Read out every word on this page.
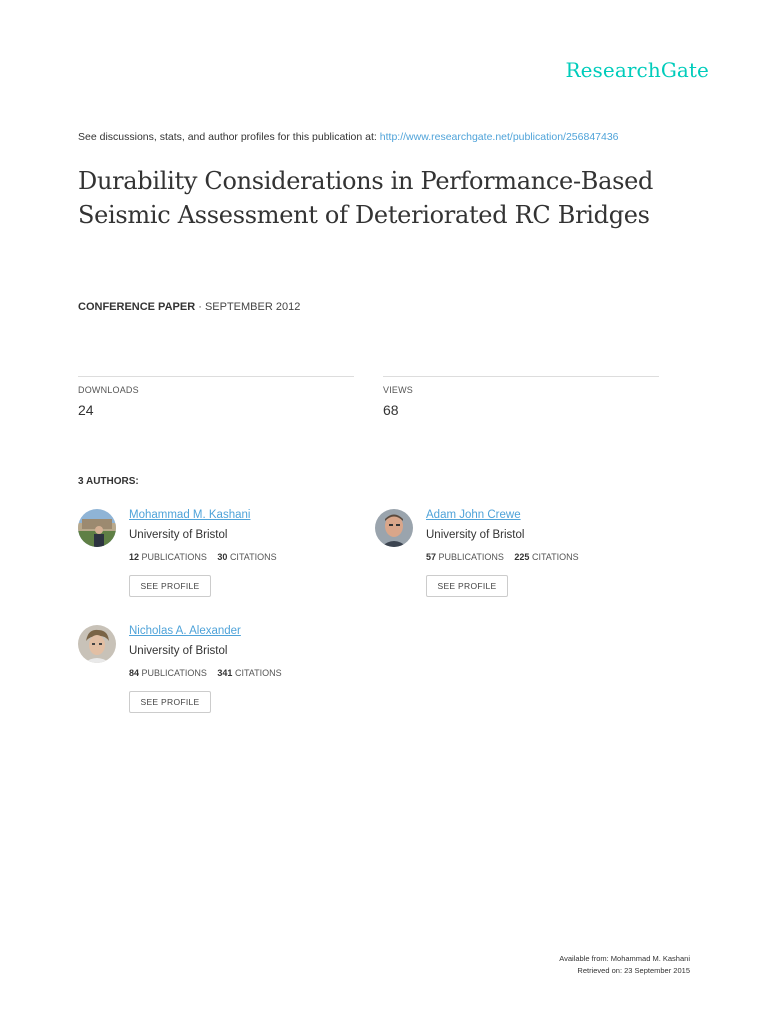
ResearchGate
See discussions, stats, and author profiles for this publication at: http://www.researchgate.net/publication/256847436
Durability Considerations in Performance-Based Seismic Assessment of Deteriorated RC Bridges
CONFERENCE PAPER · SEPTEMBER 2012
DOWNLOADS
24
VIEWS
68
3 AUTHORS:
Mohammad M. Kashani
University of Bristol
12 PUBLICATIONS 30 CITATIONS
SEE PROFILE
Adam John Crewe
University of Bristol
57 PUBLICATIONS 225 CITATIONS
SEE PROFILE
Nicholas A. Alexander
University of Bristol
84 PUBLICATIONS 341 CITATIONS
SEE PROFILE
Available from: Mohammad M. Kashani
Retrieved on: 23 September 2015
